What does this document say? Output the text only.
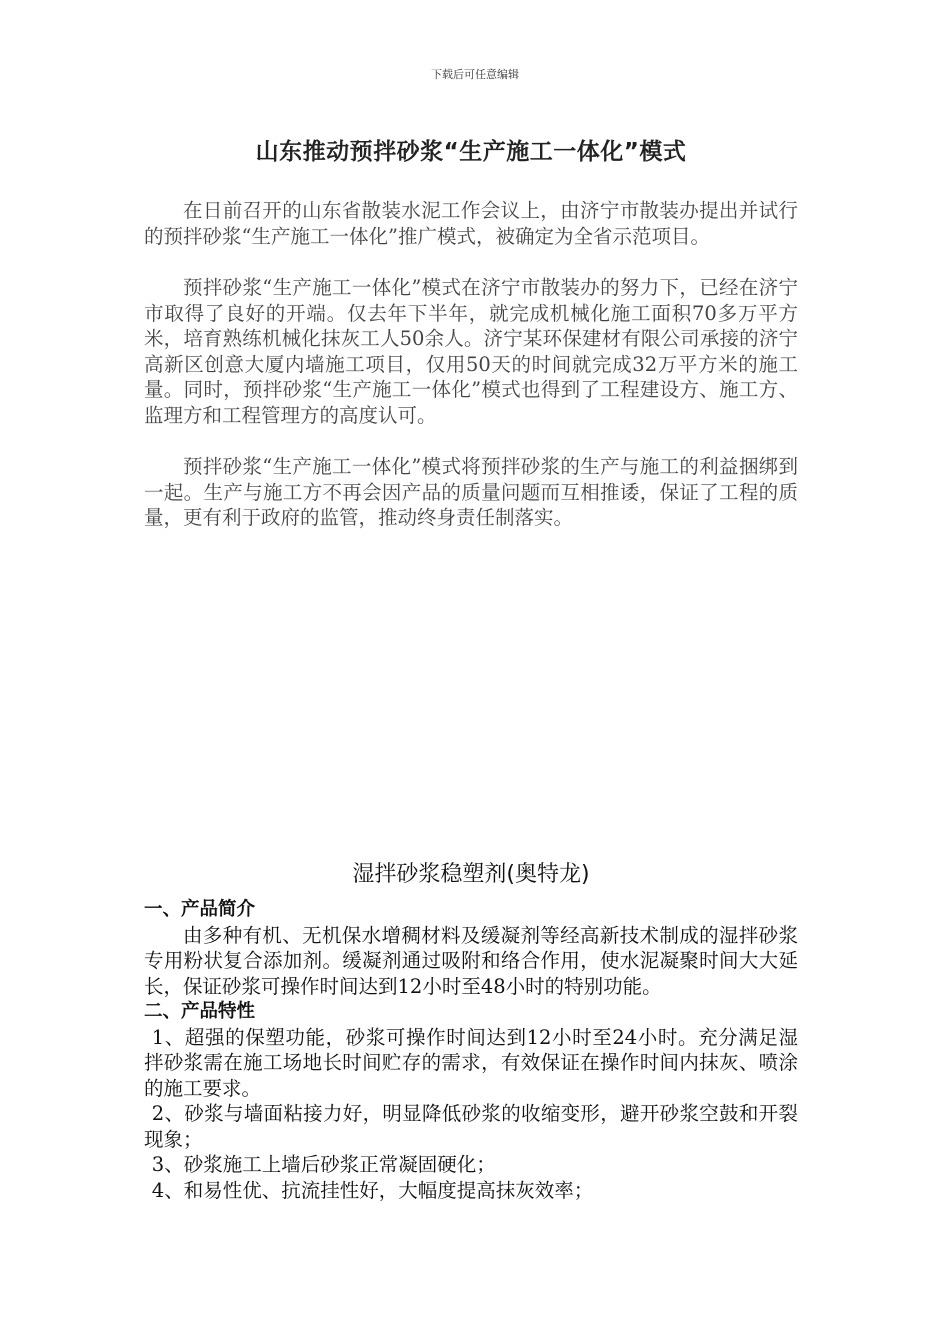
下载后可任意编辑
山东推动预拌砂浆“生产施工一体化”模式

在日前召开的山东省散装水泥工作会议上，由济宁市散装办提出并试行的预拌砂浆“生产施工一体化”推广模式，被确定为全省示范项目。

预拌砂浆“生产施工一体化”模式在济宁市散装办的努力下，已经在济宁市取得了良好的开端。仅去年下半年，就完成机械化施工面积70多万平方米，培育熟练机械化抹灰工人50余人。济宁某环保建材有限公司承接的济宁高新区创意大厦内墙施工项目，仅用50天的时间就完成32万平方米的施工量。同时，预拌砂浆“生产施工一体化”模式也得到了工程建设方、施工方、监理方和工程管理方的高度认可。

预拌砂浆“生产施工一体化”模式将预拌砂浆的生产与施工的利益捆绑到一起。生产与施工方不再会因产品的质量问题而互相推诿，保证了工程的质量，更有利于政府的监管，推动终身责任制落实。

湿拌砂浆稳塑剂(奥特龙)

一、产品简介

由多种有机、无机保水增稠材料及缓凝剂等经高新技术制成的湿拌砂浆专用粉状复合添加剂。缓凝剂通过吸附和络合作用，使水泥凝聚时间大大延长，保证砂浆可操作时间达到12小时至48小时的特别功能。

二、产品特性

1、超强的保塑功能，砂浆可操作时间达到12小时至24小时。充分满足湿拌砂浆需在施工场地长时间贮存的需求，有效保证在操作时间内抹灰、喷涂的施工要求。

2、砂浆与墙面粘接力好，明显降低砂浆的收缩变形，避开砂浆空鼓和开裂现象；

3、砂浆施工上墙后砂浆正常凝固硬化；

4、和易性优、抗流挂性好，大幅度提高抹灰效率；
